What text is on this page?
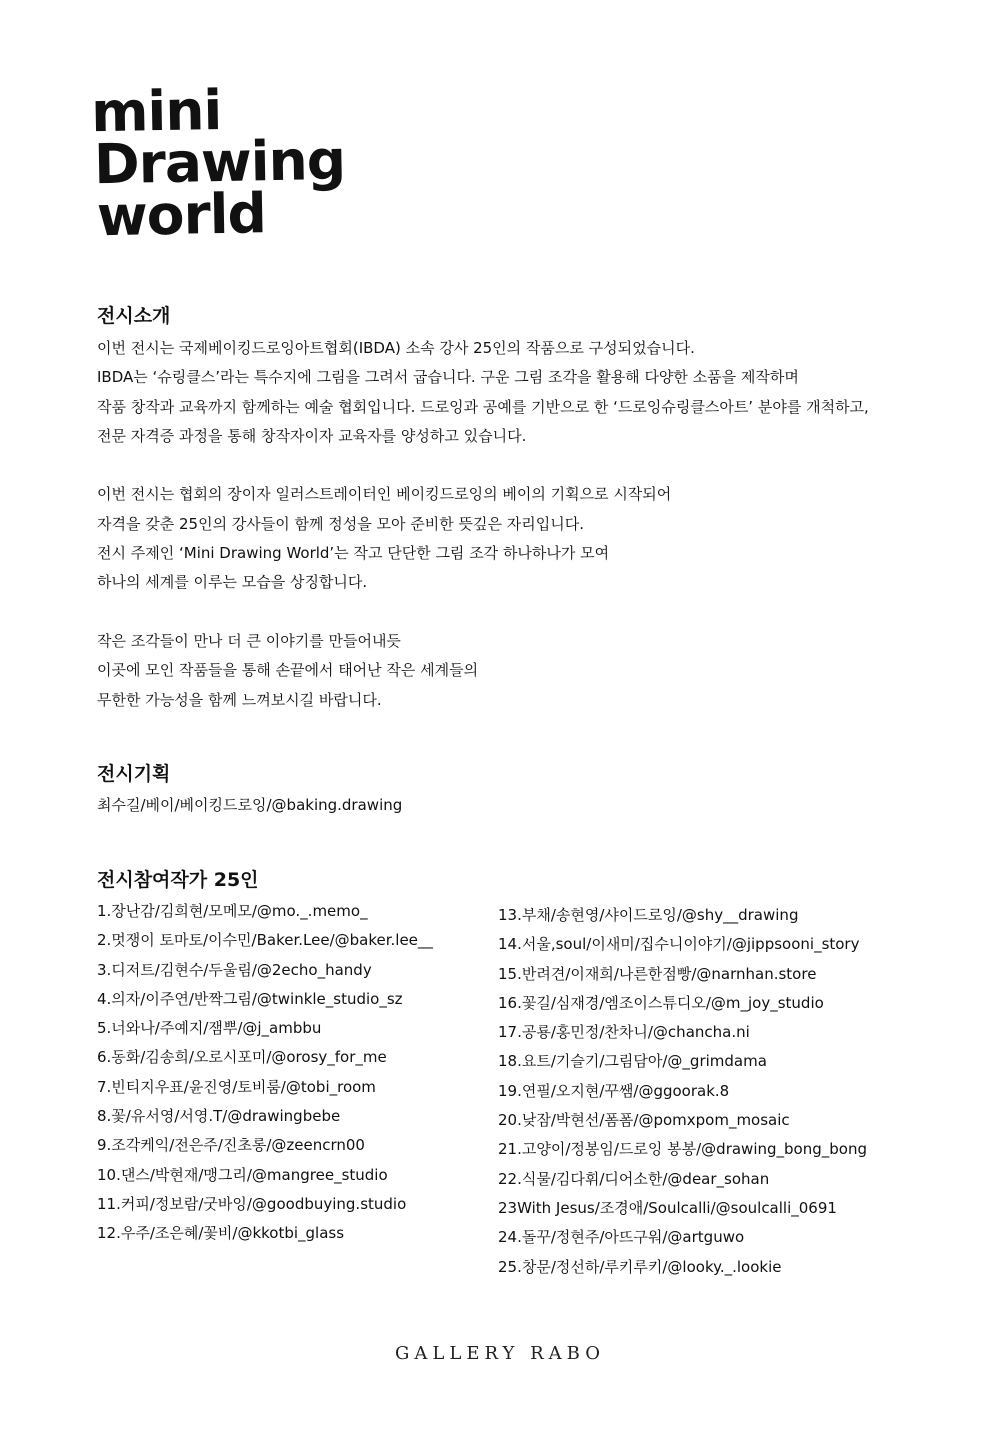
mini
Drawing
world
전시소개

이번 전시는 국제베이킹드로잉아트협회(IBDA) 소속 강사 25인의 작품으로 구성되었습니다.

IBDA는 ‘슈링클스’라는 특수지에 그림을 그려서 굽습니다. 구운 그림 조각을 활용해 다양한 소품을 제작하며

작품 창작과 교육까지 함께하는 예술 협회입니다. 드로잉과 공예를 기반으로 한 ‘드로잉슈링클스아트’ 분야를 개척하고,

전문 자격증 과정을 통해 창작자이자 교육자를 양성하고 있습니다.

이번 전시는 협회의 장이자 일러스트레이터인 베이킹드로잉의 베이의 기획으로 시작되어

자격을 갖춘 25인의 강사들이 함께 정성을 모아 준비한 뜻깊은 자리입니다.

전시 주제인 ‘Mini Drawing World’는 작고 단단한 그림 조각 하나하나가 모여

하나의 세계를 이루는 모습을 상징합니다.

작은 조각들이 만나 더 큰 이야기를 만들어내듯

이곳에 모인 작품들을 통해 손끝에서 태어난 작은 세계들의

무한한 가능성을 함께 느껴보시길 바랍니다.

전시기획

최수길/베이/베이킹드로잉/@baking.drawing

전시참여작가 25인
1.장난감/김희현/모메모/@mo._.memo_
2.멋쟁이 토마토/이수민/Baker.Lee/@baker.lee__
3.디저트/김현수/두울림/@2echo_handy
4.의자/이주연/반짝그림/@twinkle_studio_sz
5.너와나/주예지/잼뿌/@j_ambbu
6.동화/김송희/오로시포미/@orosy_for_me
7.빈티지우표/윤진영/토비룸/@tobi_room
8.꽃/유서영/서영.T/@drawingbebe
9.조각케익/전은주/진초롱/@zeencrn00
10.댄스/박현재/맹그리/@mangree_studio
11.커피/정보람/굿바잉/@goodbuying.studio
12.우주/조은혜/꽃비/@kkotbi_glass
13.부채/송현영/샤이드로잉/@shy__drawing
14.서울,soul/이새미/집수니이야기/@jippsooni_story
15.반려견/이재희/나른한점빵/@narnhan.store
16.꽃길/심재경/엠조이스튜디오/@m_joy_studio
17.공룡/홍민정/찬차니/@chancha.ni
18.요트/기슬기/그림담아/@_grimdama
19.연필/오지현/꾸쌤/@ggoorak.8
20.낮잠/박현선/폼폼/@pomxpom_mosaic
21.고양이/정봉임/드로잉 봉봉/@drawing_bong_bong
22.식물/김다휘/디어소한/@dear_sohan
23With Jesus/조경애/Soulcalli/@soulcalli_0691
24.돌꾸/정현주/아뜨구워/@artguwo
25.창문/정선하/루키루키/@looky._.lookie
GALLERY RABO
